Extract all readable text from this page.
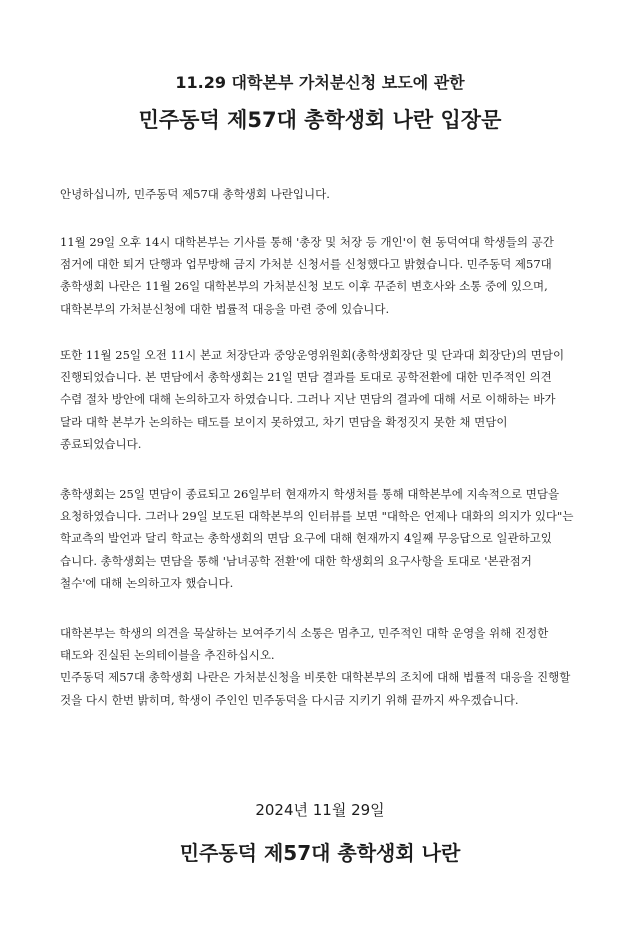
11.29 대학본부 가처분신청 보도에 관한
민주동덕 제57대 총학생회 나란 입장문

안녕하십니까, 민주동덕 제57대 총학생회 나란입니다.

11월 29일 오후 14시 대학본부는 기사를 통해 '총장 및 처장 등 개인'이 현 동덕여대 학생들의 공간
점거에 대한 퇴거 단행과 업무방해 금지 가처분 신청서를 신청했다고 밝혔습니다. 민주동덕 제57대
총학생회 나란은 11월 26일 대학본부의 가처분신청 보도 이후 꾸준히 변호사와 소통 중에 있으며,
대학본부의 가처분신청에 대한 법률적 대응을 마련 중에 있습니다.

또한 11월 25일 오전 11시 본교 처장단과 중앙운영위원회(총학생회장단 및 단과대 회장단)의 면담이
진행되었습니다. 본 면담에서 총학생회는 21일 면담 결과를 토대로 공학전환에 대한 민주적인 의견
수렴 절차 방안에 대해 논의하고자 하였습니다. 그러나 지난 면담의 결과에 대해 서로 이해하는 바가
달라 대학 본부가 논의하는 태도를 보이지 못하였고, 차기 면담을 확정짓지 못한 채 면담이
종료되었습니다.

총학생회는 25일 면담이 종료되고 26일부터 현재까지 학생처를 통해 대학본부에 지속적으로 면담을
요청하였습니다. 그러나 29일 보도된 대학본부의 인터뷰를 보면 "대학은 언제나 대화의 의지가 있다"는
학교측의 발언과 달리 학교는 총학생회의 면담 요구에 대해 현재까지 4일째 무응답으로 일관하고있
습니다. 총학생회는 면담을 통해 '남녀공학 전환'에 대한 학생회의 요구사항을 토대로 '본관점거
철수'에 대해 논의하고자 했습니다.

대학본부는 학생의 의견을 묵살하는 보여주기식 소통은 멈추고, 민주적인 대학 운영을 위해 진정한
태도와 진실된 논의테이블을 추진하십시오.
민주동덕 제57대 총학생회 나란은 가처분신청을 비롯한 대학본부의 조치에 대해 법률적 대응을 진행할
것을 다시 한번 밝히며, 학생이 주인인 민주동덕을 다시금 지키기 위해 끝까지 싸우겠습니다.

2024년 11월 29일
민주동덕 제57대 총학생회 나란
